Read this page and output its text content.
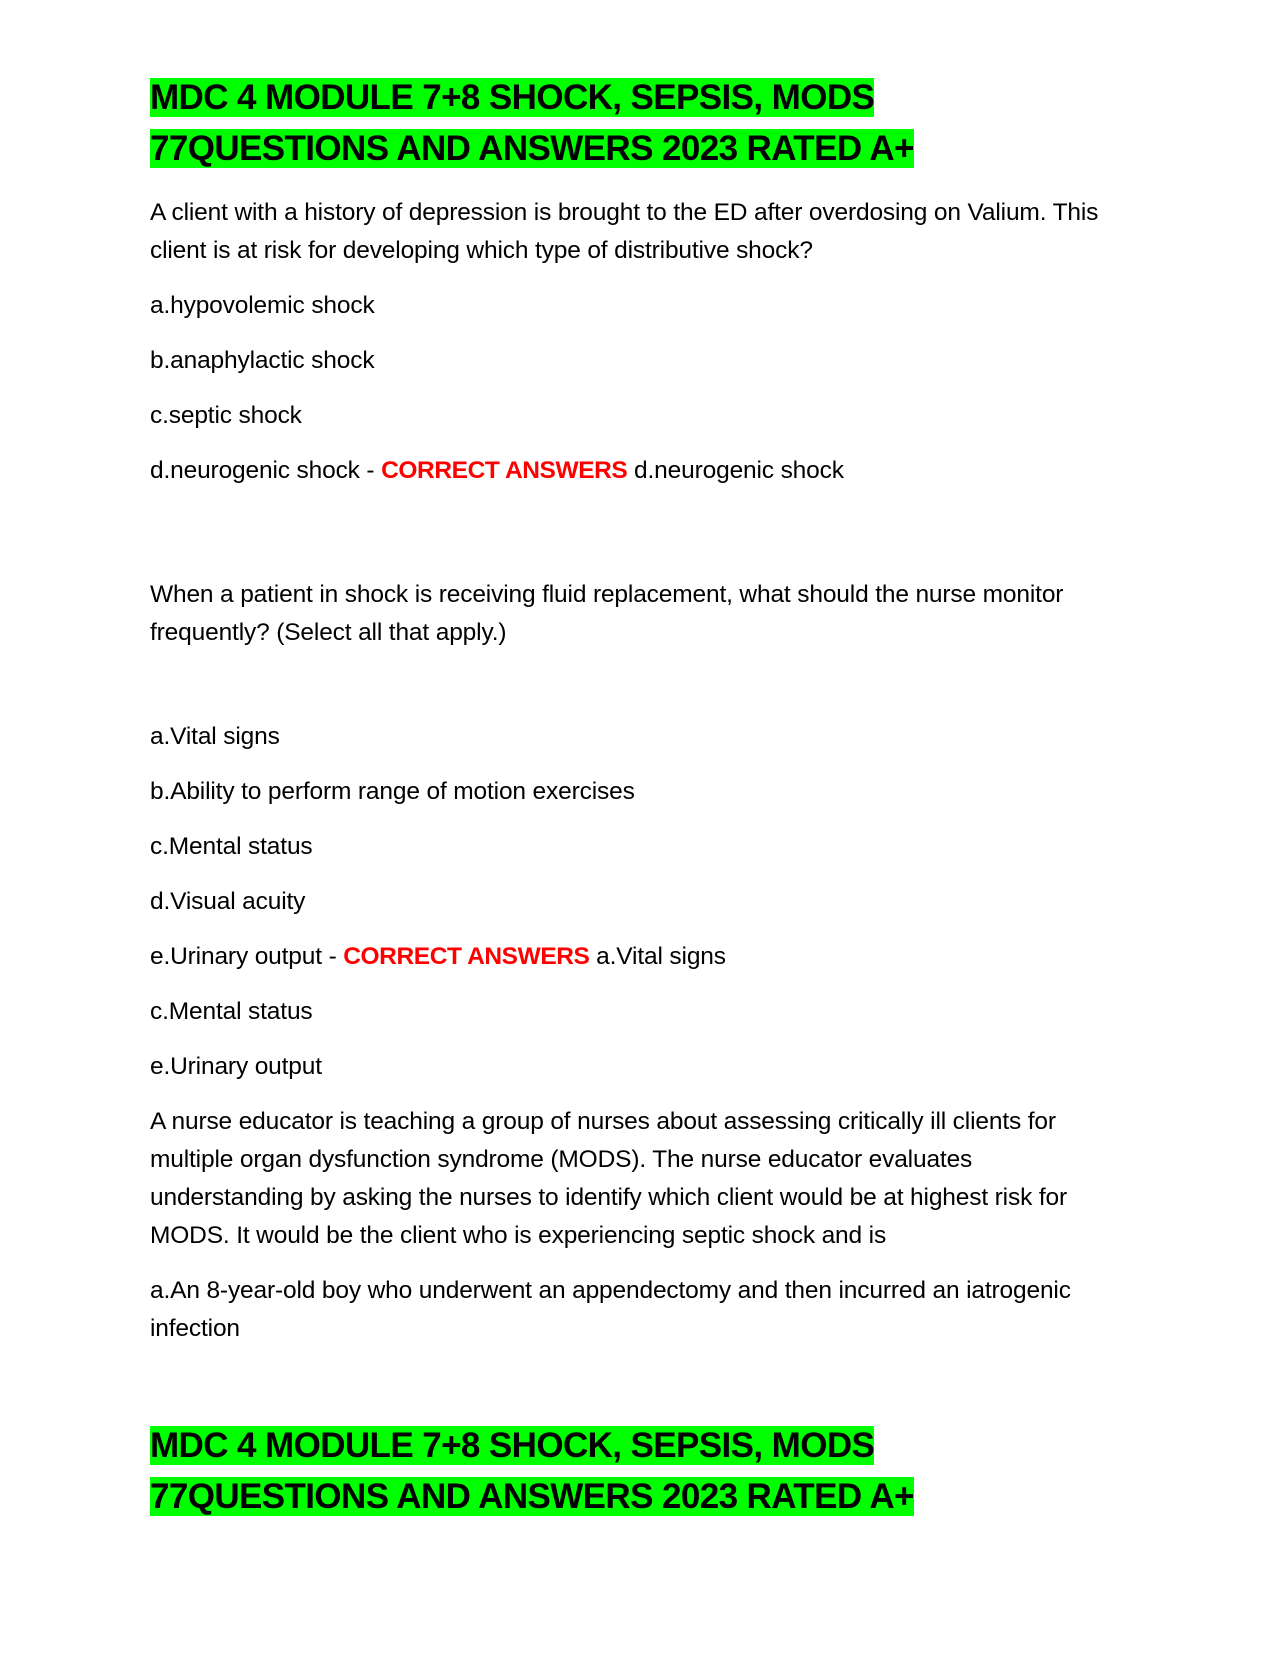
MDC 4 MODULE 7+8 SHOCK, SEPSIS, MODS
77QUESTIONS AND ANSWERS 2023 RATED A+

A client with a history of depression is brought to the ED after overdosing on Valium. This client is at risk for developing which type of distributive shock?

a.hypovolemic shock

b.anaphylactic shock

c.septic shock

d.neurogenic shock - CORRECT ANSWERS d.neurogenic shock

When a patient in shock is receiving fluid replacement, what should the nurse monitor frequently? (Select all that apply.)

a.Vital signs

b.Ability to perform range of motion exercises

c.Mental status

d.Visual acuity

e.Urinary output - CORRECT ANSWERS a.Vital signs

c.Mental status

e.Urinary output

A nurse educator is teaching a group of nurses about assessing critically ill clients for multiple organ dysfunction syndrome (MODS). The nurse educator evaluates understanding by asking the nurses to identify which client would be at highest risk for MODS. It would be the client who is experiencing septic shock and is

a.An 8-year-old boy who underwent an appendectomy and then incurred an iatrogenic infection

MDC 4 MODULE 7+8 SHOCK, SEPSIS, MODS
77QUESTIONS AND ANSWERS 2023 RATED A+
